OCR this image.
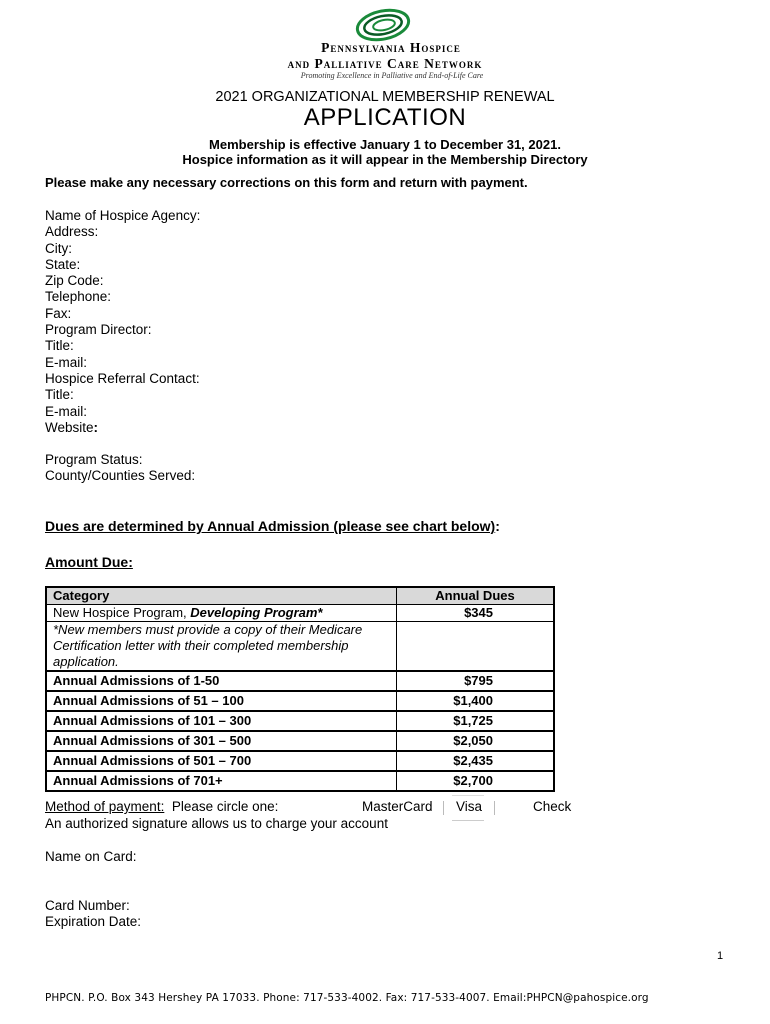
Pennsylvania Hospice
and Palliative Care Network
Promoting Excellence in Palliative and End-of-Life Care
2021 ORGANIZATIONAL MEMBERSHIP RENEWAL
APPLICATION
Membership is effective January 1 to December 31, 2021.
Hospice information as it will appear in the Membership Directory
Please make any necessary corrections on this form and return with payment.
Name of Hospice Agency:
Address:
City:
State:
Zip Code:
Telephone:
Fax:
Program Director:
Title:
E-mail:
Hospice Referral Contact:
Title:
E-mail:
Website:
Program Status:
County/Counties Served:
Dues are determined by Annual Admission (please see chart below):
Amount Due:
Category	Annual Dues
New Hospice Program, Developing Program*	$345
*New members must provide a copy of their Medicare Certification letter with their completed membership application.	
Annual Admissions of 1-50	$795
Annual Admissions of 51 – 100	$1,400
Annual Admissions of 101 – 300	$1,725
Annual Admissions of 301 – 500	$2,050
Annual Admissions of 501 – 700	$2,435
Annual Admissions of 701+	$2,700
Method of payment:  Please circle one:	MasterCard Visa	Check
An authorized signature allows us to charge your account
Name on Card:
Card Number:
Expiration Date:
1
PHPCN. P.O. Box 343 Hershey PA 17033. Phone: 717-533-4002. Fax: 717-533-4007. Email:PHPCN@pahospice.org
